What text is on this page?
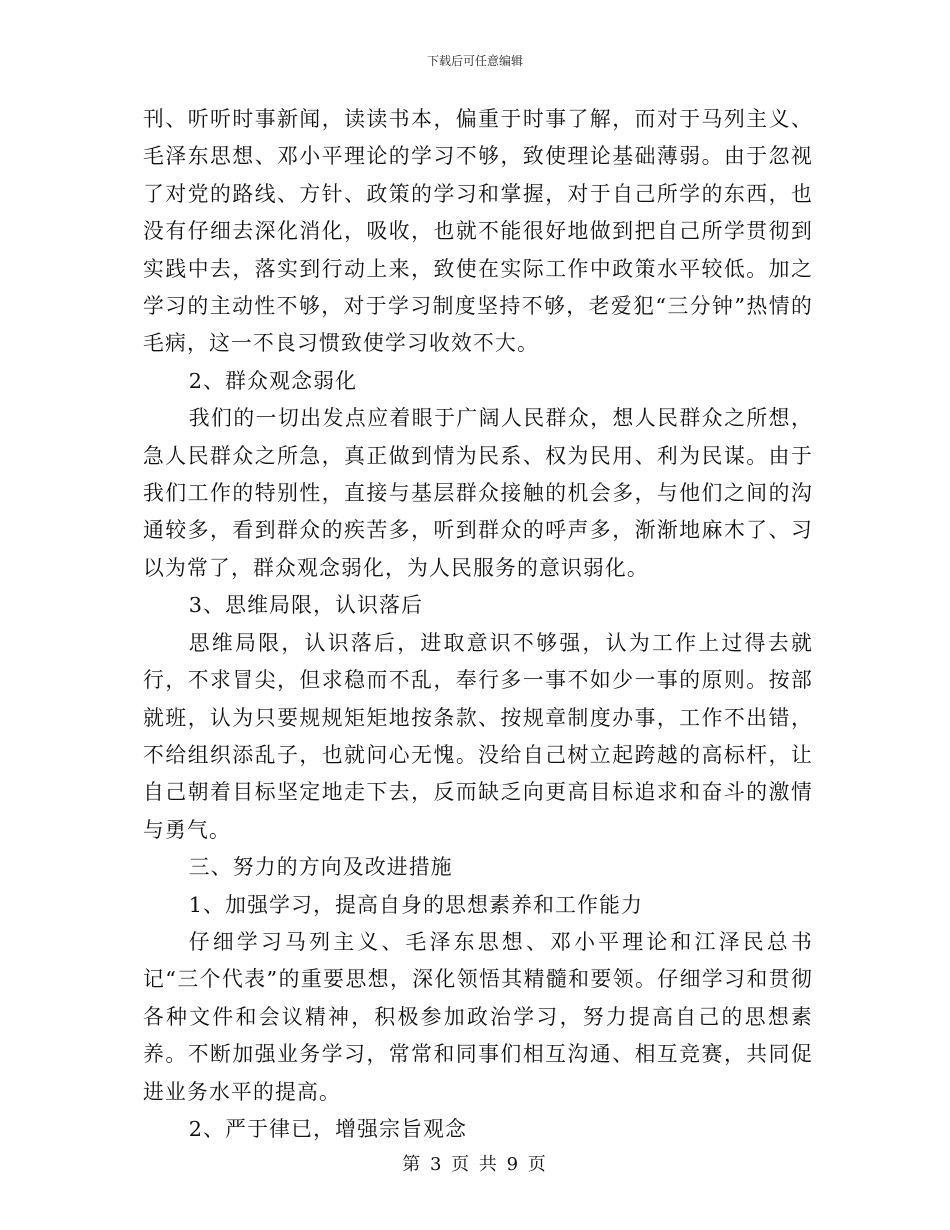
下载后可任意编辑

刊、听听时事新闻，读读书本，偏重于时事了解，而对于马列主义、毛泽东思想、邓小平理论的学习不够，致使理论基础薄弱。由于忽视了对党的路线、方针、政策的学习和掌握，对于自己所学的东西，也没有仔细去深化消化，吸收，也就不能很好地做到把自己所学贯彻到实践中去，落实到行动上来，致使在实际工作中政策水平较低。加之学习的主动性不够，对于学习制度坚持不够，老爱犯“三分钟”热情的毛病，这一不良习惯致使学习收效不大。

2、群众观念弱化

我们的一切出发点应着眼于广阔人民群众，想人民群众之所想，急人民群众之所急，真正做到情为民系、权为民用、利为民谋。由于我们工作的特别性，直接与基层群众接触的机会多，与他们之间的沟通较多，看到群众的疾苦多，听到群众的呼声多，渐渐地麻木了、习以为常了，群众观念弱化，为人民服务的意识弱化。

3、思维局限，认识落后

思维局限，认识落后，进取意识不够强，认为工作上过得去就行，不求冒尖，但求稳而不乱，奉行多一事不如少一事的原则。按部就班，认为只要规规矩矩地按条款、按规章制度办事，工作不出错，不给组织添乱子，也就问心无愧。没给自己树立起跨越的高标杆，让自己朝着目标坚定地走下去，反而缺乏向更高目标追求和奋斗的激情与勇气。

三、努力的方向及改进措施

1、加强学习，提高自身的思想素养和工作能力

仔细学习马列主义、毛泽东思想、邓小平理论和江泽民总书记“三个代表”的重要思想，深化领悟其精髓和要领。仔细学习和贯彻各种文件和会议精神，积极参加政治学习，努力提高自己的思想素养。不断加强业务学习，常常和同事们相互沟通、相互竞赛，共同促进业务水平的提高。

2、严于律已，增强宗旨观念

第 3 页 共 9 页
